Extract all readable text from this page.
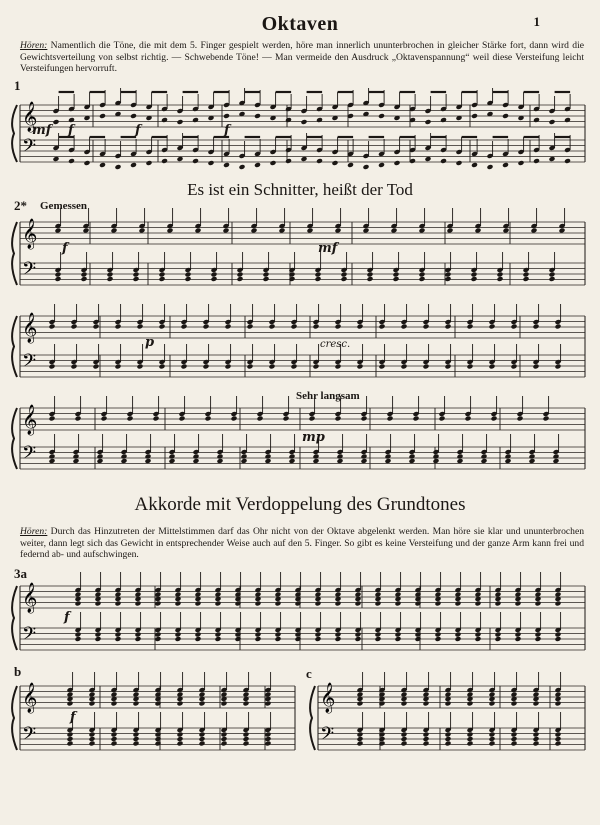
Oktaven	1
Hören: Namentlich die Töne, die mit dem 5. Finger gespielt werden, höre man innerlich ununterbrochen in gleicher Stärke fort, dann wird die Gewichtsverteilung von selbst richtig. — Schwebende Töne! — Man vermeide den Ausdruck „Oktavenspannung“ weil diese Versteifung leicht Versteifungen hervorruft.
1
Es ist ein Schnitter, heißt der Tod
2* Gemessen
Sehr langsam
Akkorde mit Verdoppelung des Grundtones
Hören: Durch das Hinzutreten der Mittelstimmen darf das Ohr nicht von der Oktave abgelenkt werden. Man höre sie klar und ununterbrochen weiter, dann legt sich das Gewicht in entsprechender Weise auch auf den 5. Finger. So gibt es keine Versteifung und der ganze Arm kann frei und federnd ab- und aufschwingen.
3a
b	c
𝄞
𝄢
𝄞
𝄢
𝄞
𝄢
𝄞
𝄢
𝄞
𝄢
𝄞
𝄢
𝄞
𝄢
mf f	f	f
f	mf
p	cresc.
mp
f
f
